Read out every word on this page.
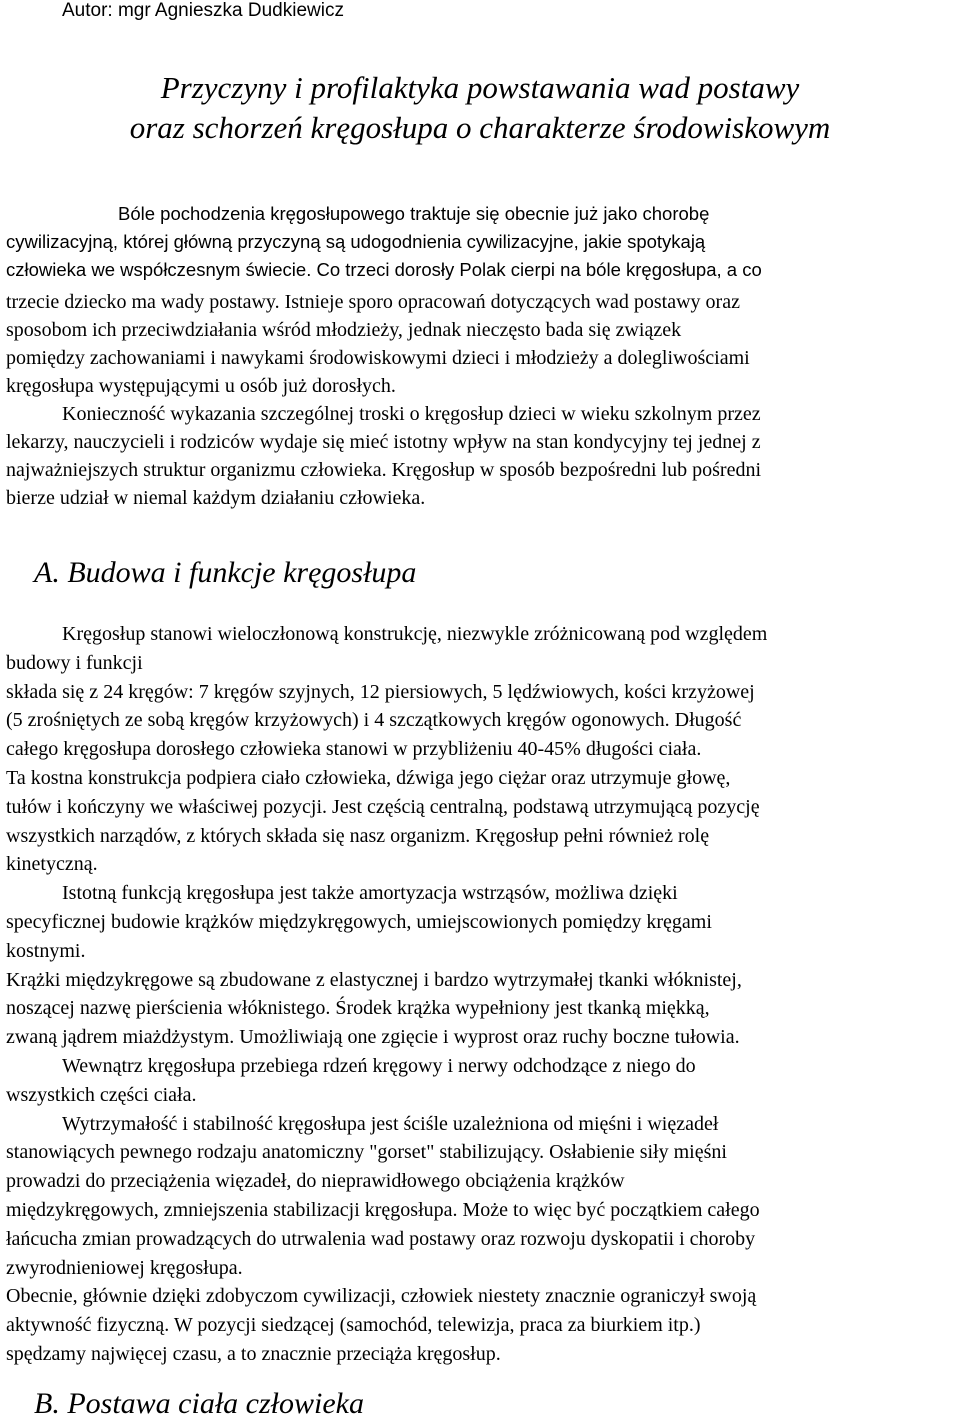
Autor: mgr Agnieszka Dudkiewicz
Przyczyny i profilaktyka powstawania wad postawy
oraz schorzeń kręgosłupa o charakterze środowiskowym
Bóle pochodzenia kręgosłupowego traktuje się obecnie już jako chorobę
cywilizacyjną, której główną przyczyną są udogodnienia cywilizacyjne, jakie spotykają
człowieka we współczesnym świecie. Co trzeci dorosły Polak cierpi na bóle kręgosłupa, a co
trzecie dziecko ma wady postawy. Istnieje sporo opracowań dotyczących wad postawy oraz
sposobom ich przeciwdziałania wśród młodzieży, jednak nieczęsto bada się związek
pomiędzy zachowaniami i nawykami środowiskowymi dzieci i młodzieży a dolegliwościami
kręgosłupa występującymi u osób już dorosłych.
Konieczność wykazania szczególnej troski o kręgosłup dzieci w wieku szkolnym przez
lekarzy, nauczycieli i rodziców wydaje się mieć istotny wpływ na stan kondycyjny tej jednej z
najważniejszych struktur organizmu człowieka. Kręgosłup w sposób bezpośredni lub pośredni
bierze udział w niemal każdym działaniu człowieka.
A. Budowa i funkcje kręgosłupa
Kręgosłup stanowi wieloczłonową konstrukcję, niezwykle zróżnicowaną pod względem
budowy i funkcji
składa się z 24 kręgów: 7 kręgów szyjnych, 12 piersiowych, 5 lędźwiowych, kości krzyżowej
(5 zrośniętych ze sobą kręgów krzyżowych) i 4 szczątkowych kręgów ogonowych. Długość
całego kręgosłupa dorosłego człowieka stanowi w przybliżeniu 40-45% długości ciała.
Ta kostna konstrukcja podpiera ciało człowieka, dźwiga jego ciężar oraz utrzymuje głowę,
tułów i kończyny we właściwej pozycji. Jest częścią centralną, podstawą utrzymującą pozycję
wszystkich narządów, z których składa się nasz organizm. Kręgosłup pełni również rolę
kinetyczną.
Istotną funkcją kręgosłupa jest także amortyzacja wstrząsów, możliwa dzięki
specyficznej budowie krążków międzykręgowych, umiejscowionych pomiędzy kręgami
kostnymi.
Krążki międzykręgowe są zbudowane z elastycznej i bardzo wytrzymałej tkanki włóknistej,
noszącej nazwę pierścienia włóknistego. Środek krążka wypełniony jest tkanką miękką,
zwaną jądrem miażdżystym. Umożliwiają one zgięcie i wyprost oraz ruchy boczne tułowia.
Wewnątrz kręgosłupa przebiega rdzeń kręgowy i nerwy odchodzące z niego do
wszystkich części ciała.
Wytrzymałość i stabilność kręgosłupa jest ściśle uzależniona od mięśni i więzadeł
stanowiących pewnego rodzaju anatomiczny "gorset" stabilizujący. Osłabienie siły mięśni
prowadzi do przeciążenia więzadeł, do nieprawidłowego obciążenia krążków
międzykręgowych, zmniejszenia stabilizacji kręgosłupa. Może to więc być początkiem całego
łańcucha zmian prowadzących do utrwalenia wad postawy oraz rozwoju dyskopatii i choroby
zwyrodnieniowej kręgosłupa.
Obecnie, głównie dzięki zdobyczom cywilizacji, człowiek niestety znacznie ograniczył swoją
aktywność fizyczną. W pozycji siedzącej (samochód, telewizja, praca za biurkiem itp.)
spędzamy najwięcej czasu, a to znacznie przeciąża kręgosłup.
B. Postawa ciała człowieka
